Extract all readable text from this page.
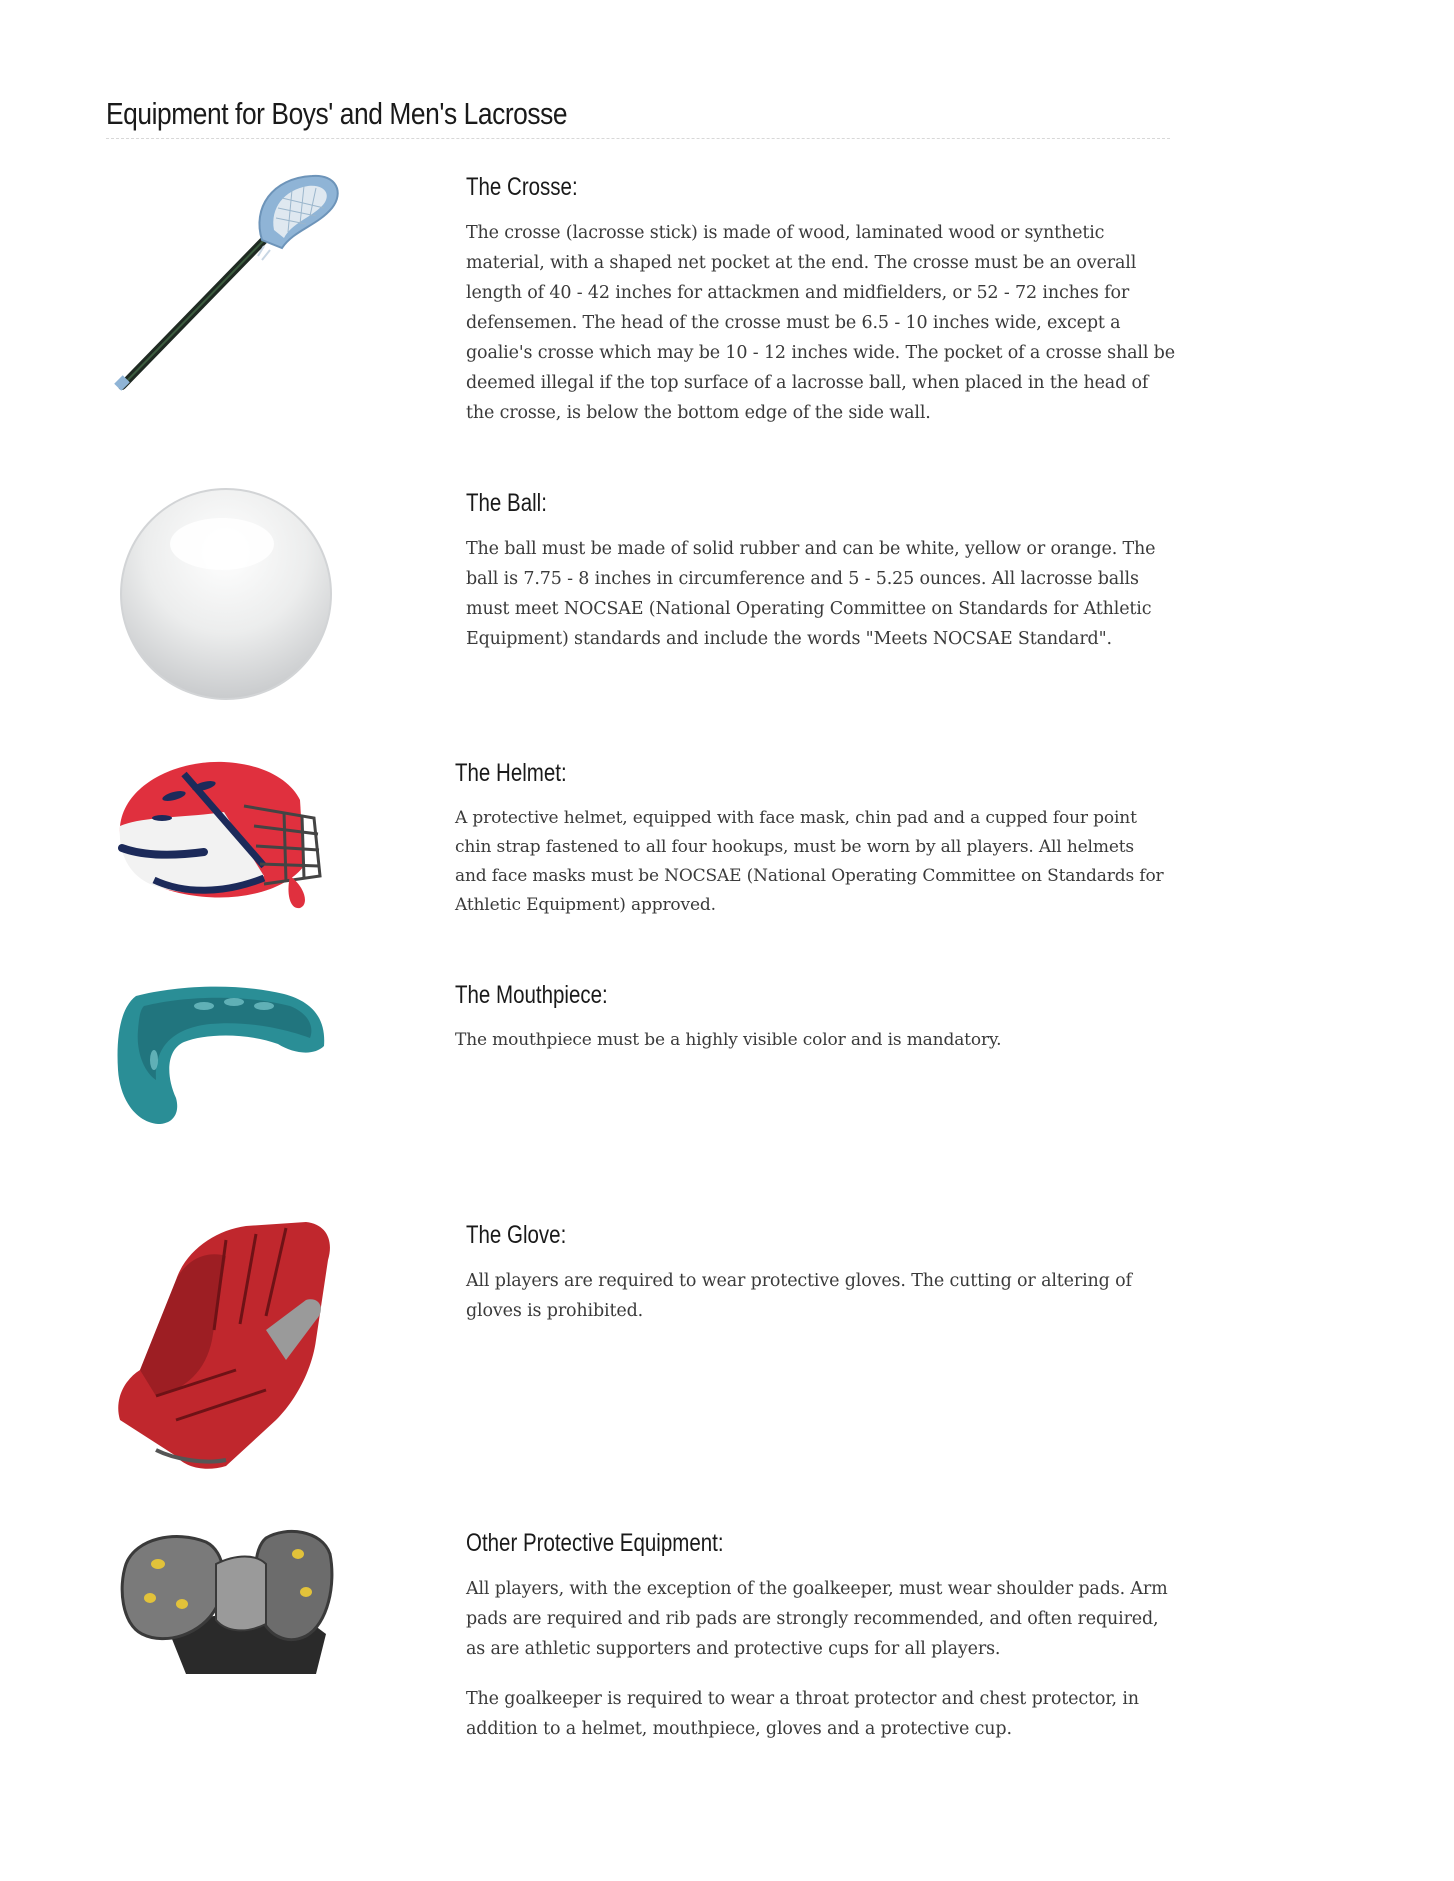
Equipment for Boys' and Men's Lacrosse
The Crosse:

The crosse (lacrosse stick) is made of wood, laminated wood or synthetic material, with a shaped net pocket at the end. The crosse must be an overall length of 40 - 42 inches for attackmen and midfielders, or 52 - 72 inches for defensemen. The head of the crosse must be 6.5 - 10 inches wide, except a goalie's crosse which may be 10 - 12 inches wide. The pocket of a crosse shall be deemed illegal if the top surface of a lacrosse ball, when placed in the head of the crosse, is below the bottom edge of the side wall.

The Ball:

The ball must be made of solid rubber and can be white, yellow or orange. The ball is 7.75 - 8 inches in circumference and 5 - 5.25 ounces. All lacrosse balls must meet NOCSAE (National Operating Committee on Standards for Athletic Equipment) standards and include the words "Meets NOCSAE Standard".

The Helmet:

A protective helmet, equipped with face mask, chin pad and a cupped four point chin strap fastened to all four hookups, must be worn by all players. All helmets and face masks must be NOCSAE (National Operating Committee on Standards for Athletic Equipment) approved.

The Mouthpiece:

The mouthpiece must be a highly visible color and is mandatory.

The Glove:

All players are required to wear protective gloves. The cutting or altering of gloves is prohibited.

Other Protective Equipment:

All players, with the exception of the goalkeeper, must wear shoulder pads. Arm pads are required and rib pads are strongly recommended, and often required, as are athletic supporters and protective cups for all players.

The goalkeeper is required to wear a throat protector and chest protector, in addition to a helmet, mouthpiece, gloves and a protective cup.
